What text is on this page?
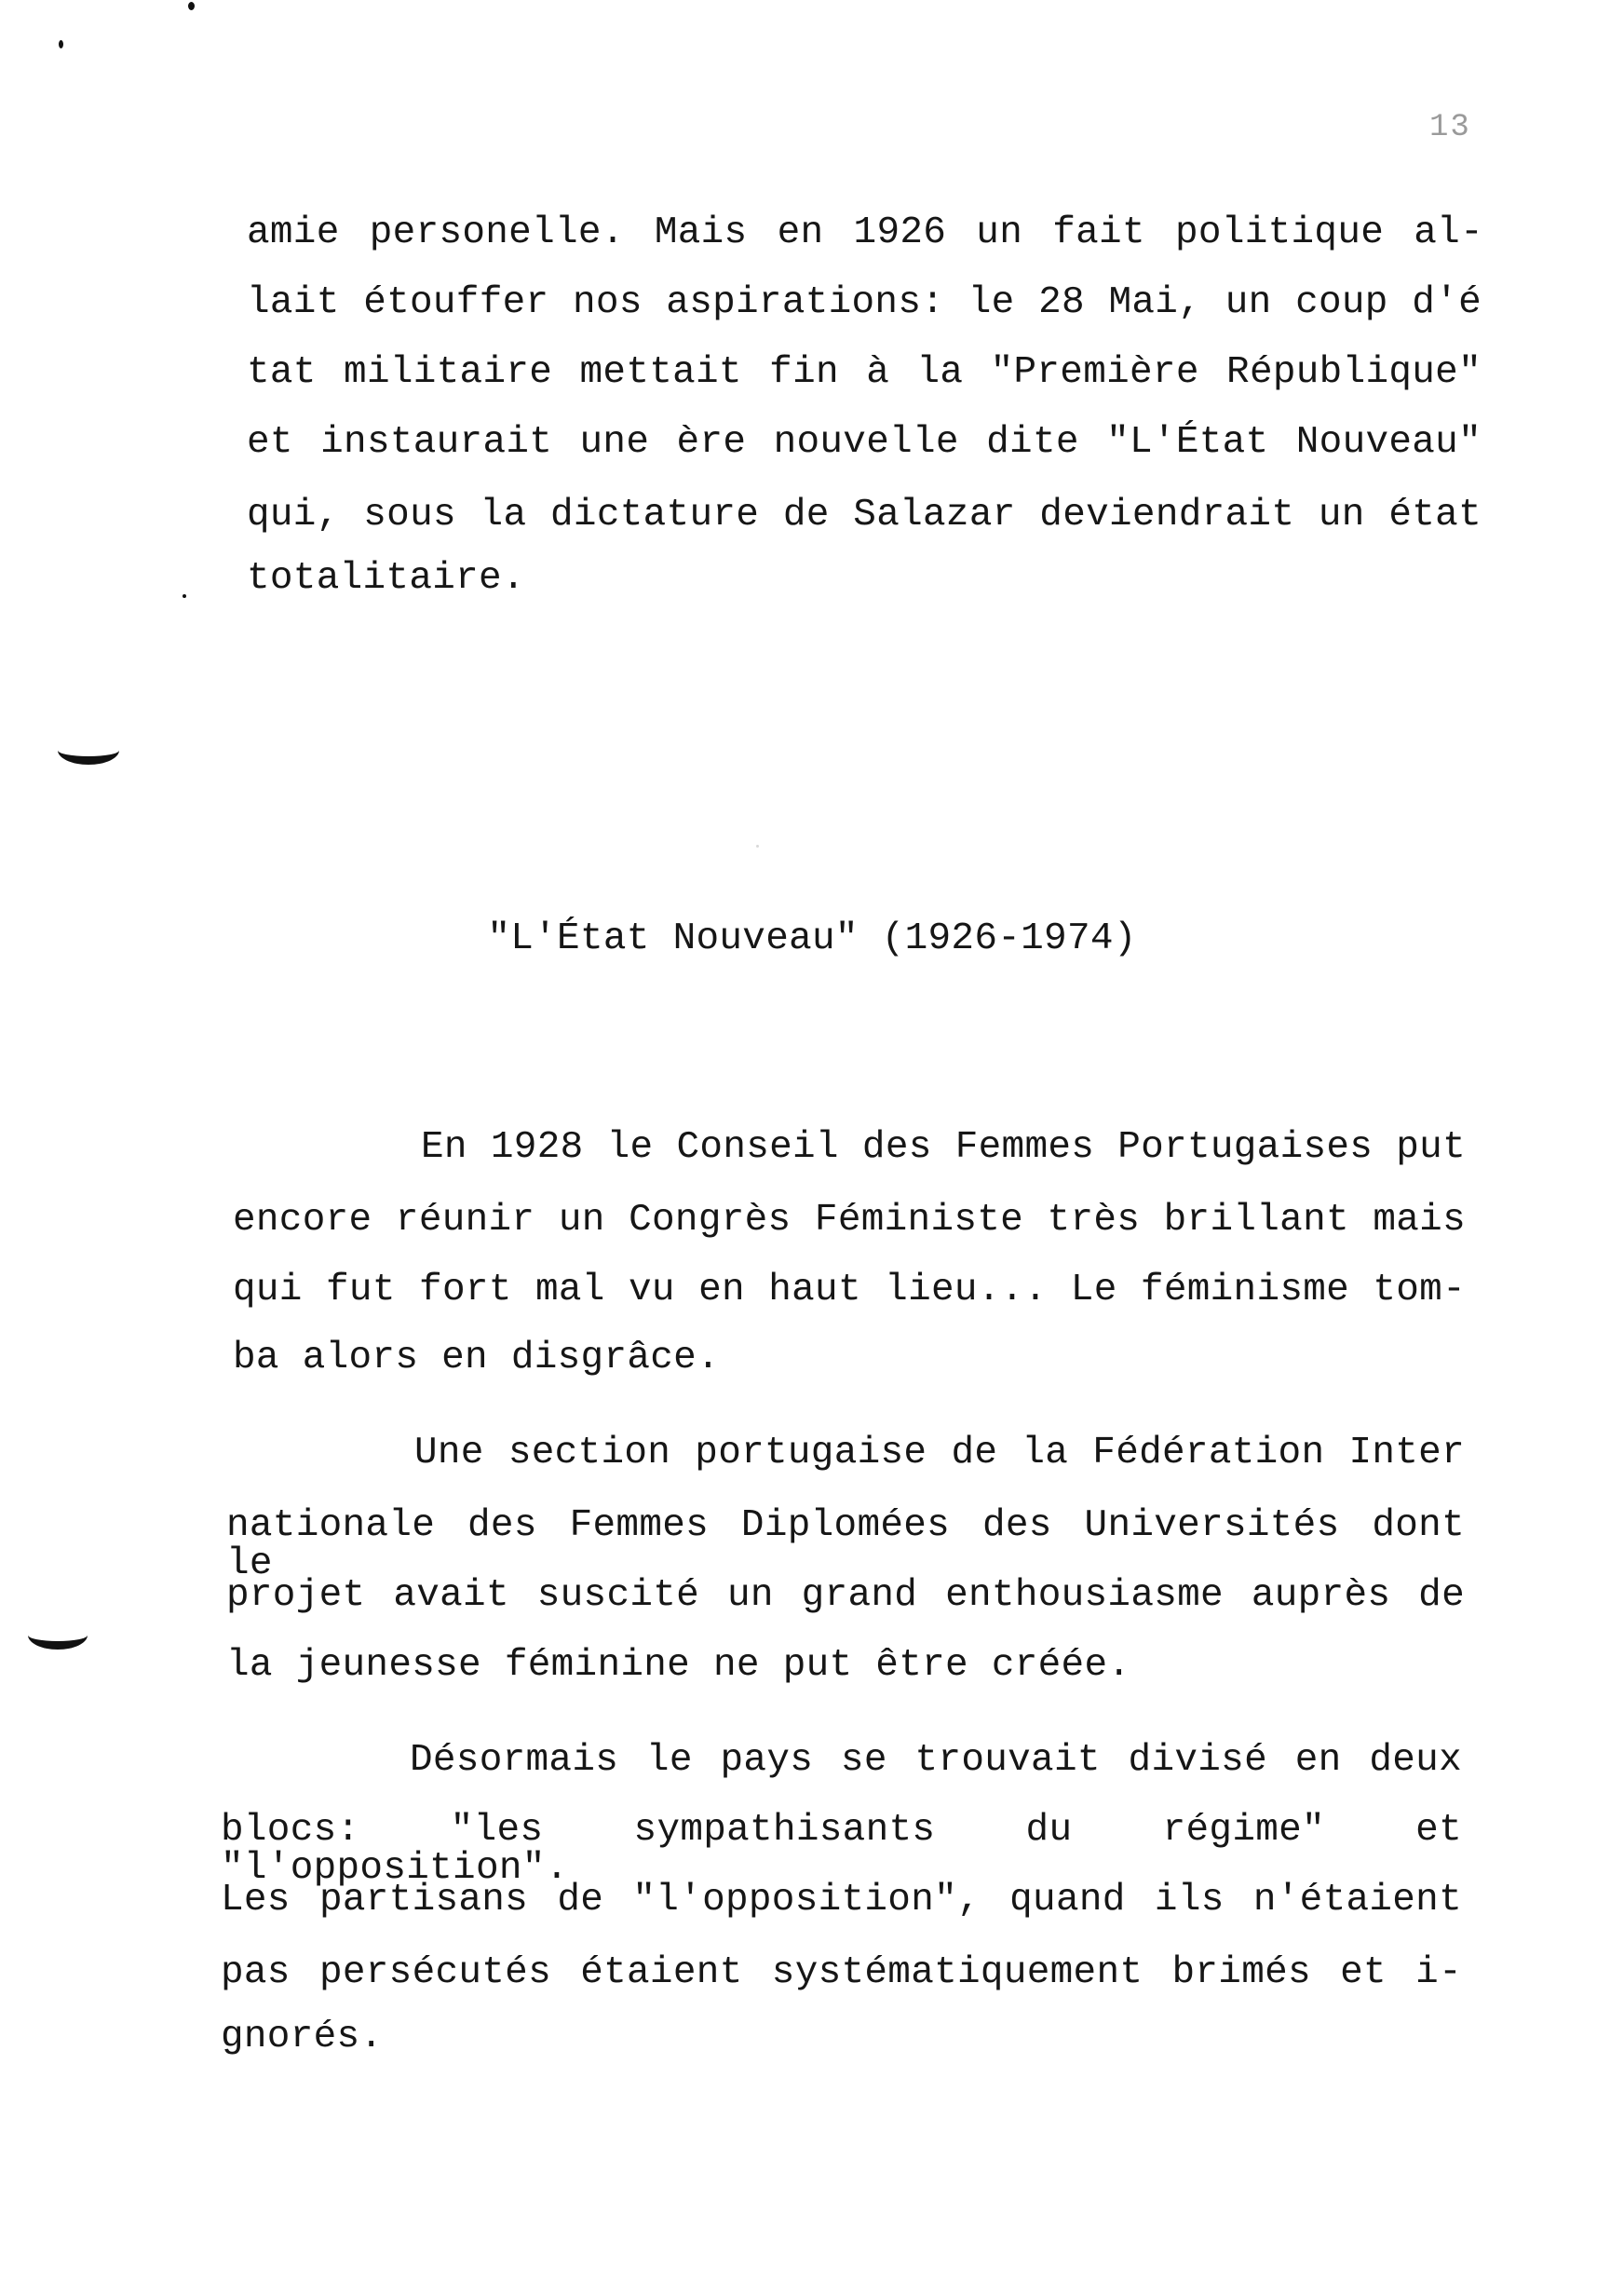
13
amie personelle. Mais en 1926 un fait politique al-
lait étouffer nos aspirations: le 28 Mai, un coup d'é
tat militaire mettait fin à la "Première République"
et instaurait une ère nouvelle dite "L'État Nouveau"
qui, sous la dictature de Salazar deviendrait un état
totalitaire.
"L'État Nouveau" (1926-1974)
En 1928 le Conseil des Femmes Portugaises put
encore réunir un Congrès Féministe très brillant mais
qui fut fort mal vu en haut lieu... Le féminisme tom-
ba alors en disgrâce.
Une section portugaise de la Fédération Inter
nationale des Femmes Diplomées des Universités dont le
projet avait suscité un grand enthousiasme auprès de
la jeunesse féminine ne put être créée.
Désormais le pays se trouvait divisé en deux
blocs: "les sympathisants du régime" et "l'opposition".
Les partisans de "l'opposition", quand ils n'étaient
pas persécutés étaient systématiquement brimés et i-
gnorés.
